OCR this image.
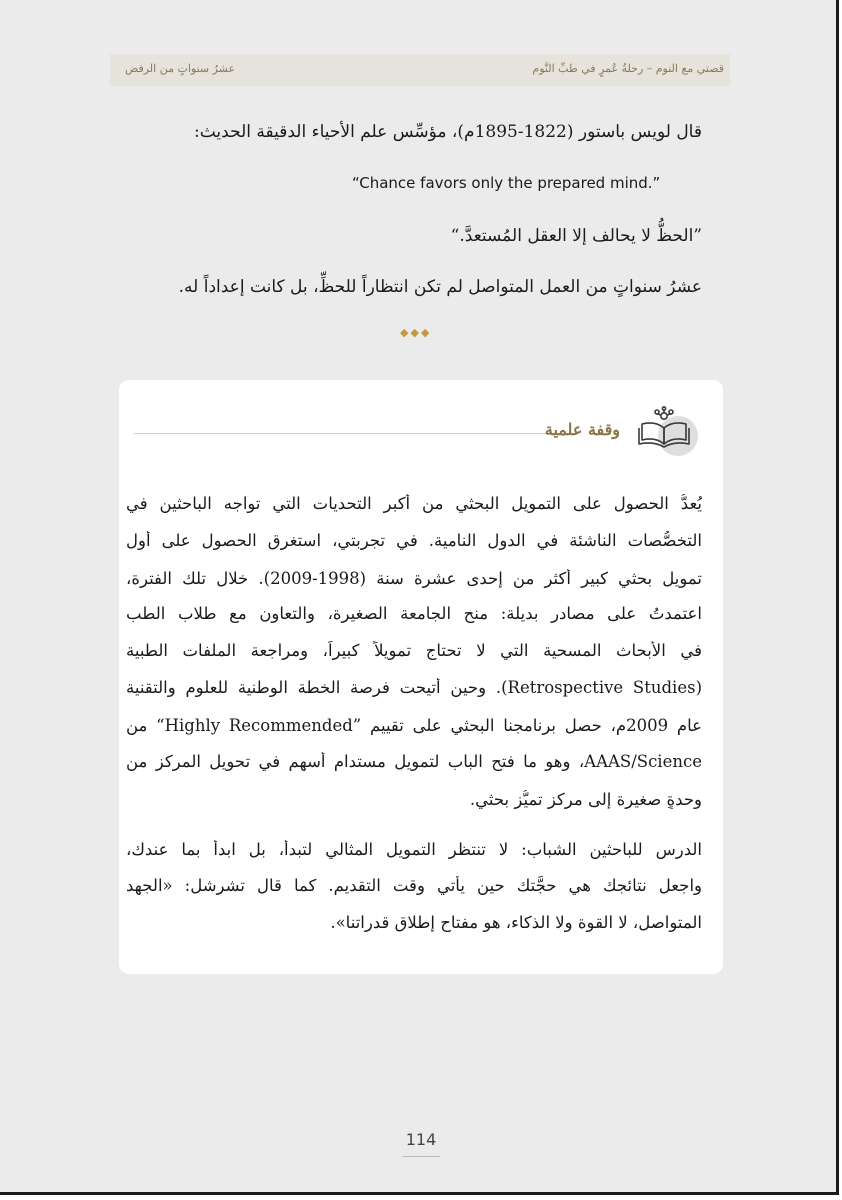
قصتي مع النوم – رحلةُ عُمرٍ في طبِّ النَّوم
عشرُ سنواتٍ من الرفض
قال لويس باستور (1822-1895م)، مؤسِّس علم الأحياء الدقيقة الحديث:
“Chance favors only the prepared mind.”
”الحظُّ لا يحالف إلا العقل المُستعدَّ.“
عشرُ سنواتٍ من العمل المتواصل لم تكن انتظاراً للحظِّ، بل كانت إعداداً له.
◆◆◆
وقفة علمية
يُعدُّ الحصول على التمويل البحثي من أكبر التحديات التي تواجه الباحثين في
التخصُّصات الناشئة في الدول النامية. في تجربتي، استغرق الحصول على أول
تمويل بحثي كبير أكثر من إحدى عشرة سنة (1998-2009). خلال تلك الفترة،
اعتمدتُ على مصادر بديلة: منح الجامعة الصغيرة، والتعاون مع طلاب الطب
في الأبحاث المسحية التي لا تحتاج تمويلاً كبيراً، ومراجعة الملفات الطبية
(Retrospective Studies). وحين أُتيحت فرصة الخطة الوطنية للعلوم والتقنية
عام 2009م، حصل برنامجنا البحثي على تقييم ”Highly Recommended“ من
AAAS/Science، وهو ما فتح الباب لتمويلٍ مستدام أسهم في تحويل المركز من
وحدةٍ صغيرة إلى مركز تميُّزٍ بحثي.
الدرس للباحثين الشباب: لا تنتظر التمويل المثالي لتبدأ، بل ابدأ بما عندك،
واجعل نتائجك هي حجَّتك حين يأتي وقت التقديم. كما قال تشرشل: «الجهد
المتواصل، لا القوة ولا الذكاء، هو مفتاح إطلاق قدراتنا».
114
